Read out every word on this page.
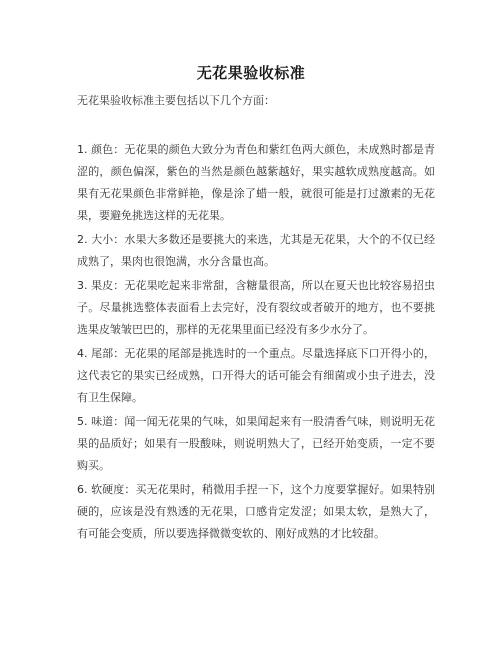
无花果验收标准
无花果验收标准主要包括以下几个方面：

1. 颜色：无花果的颜色大致分为青色和紫红色两大颜色，未成熟时都是青涩的，颜色偏深，紫色的当然是颜色越紫越好，果实越软成熟度越高。如果有无花果颜色非常鲜艳，像是涂了蜡一般，就很可能是打过激素的无花果，要避免挑选这样的无花果。

2. 大小：水果大多数还是要挑大的来选，尤其是无花果，大个的不仅已经成熟了，果肉也很饱满，水分含量也高。

3. 果皮：无花果吃起来非常甜，含糖量很高，所以在夏天也比较容易招虫子。尽量挑选整体表面看上去完好，没有裂纹或者破开的地方，也不要挑选果皮皱皱巴巴的，那样的无花果里面已经没有多少水分了。

4. 尾部：无花果的尾部是挑选时的一个重点。尽量选择底下口开得小的，这代表它的果实已经成熟，口开得大的话可能会有细菌或小虫子进去，没有卫生保障。

5. 味道：闻一闻无花果的气味，如果闻起来有一股清香气味，则说明无花果的品质好；如果有一股酸味，则说明熟大了，已经开始变质，一定不要购买。

6. 软硬度：买无花果时，稍微用手捏一下，这个力度要掌握好。如果特别硬的，应该是没有熟透的无花果，口感肯定发涩；如果太软，是熟大了，有可能会变质，所以要选择微微变软的、刚好成熟的才比较甜。
